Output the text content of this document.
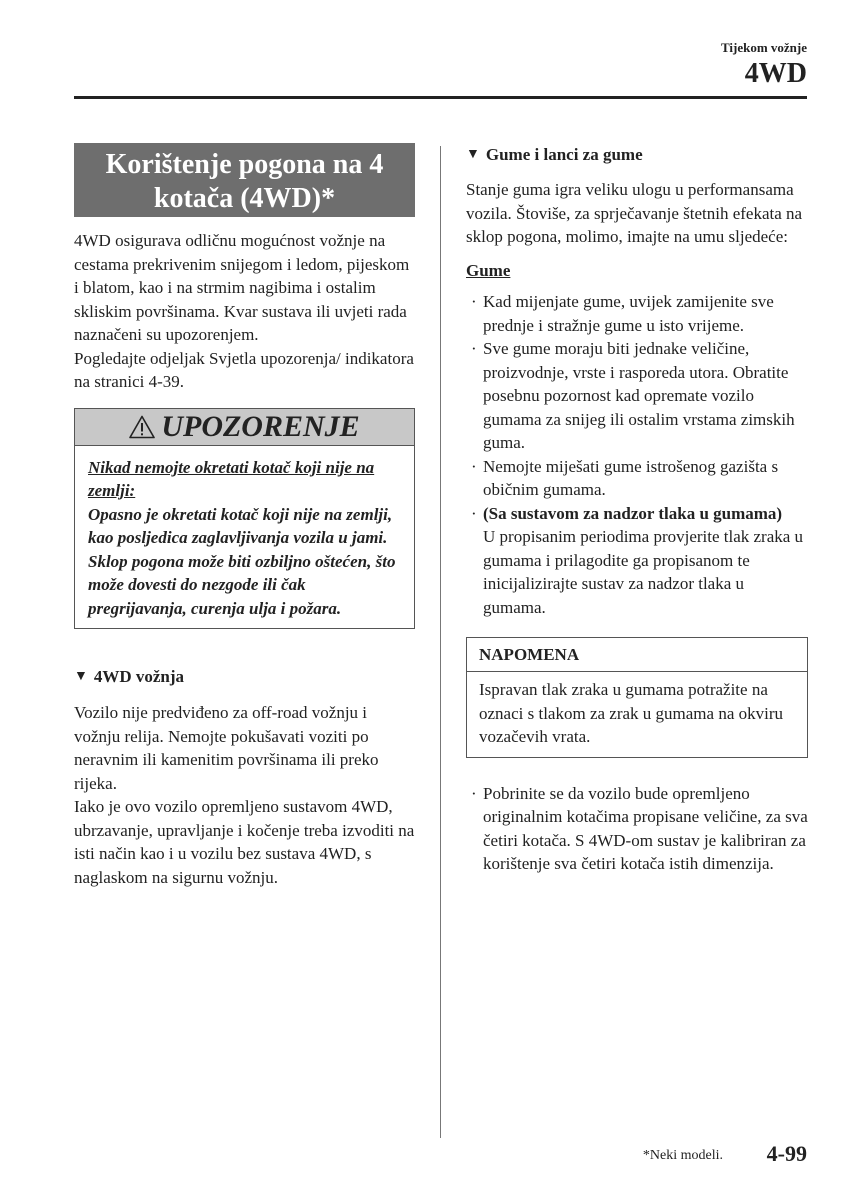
Tijekom vožnje
4WD
Korištenje pogona na 4 kotača (4WD)*

4WD osigurava odličnu mogućnost vožnje na cestama prekrivenim snijegom i ledom, pijeskom i blatom, kao i na strmim nagibima i ostalim skliskim površinama. Kvar sustava ili uvjeti rada naznačeni su upozorenjem.

Pogledajte odjeljak Svjetla upozorenja/ indikatora na stranici 4-39.

UPOZORENJE
Nikad nemojte okretati kotač koji nije na zemlji:
Opasno je okretati kotač koji nije na zemlji, kao posljedica zaglavljivanja vozila u jami. Sklop pogona može biti ozbiljno oštećen, što može dovesti do nezgode ili čak pregrijavanja, curenja ulja i požara.
▼ 4WD vožnja

Vozilo nije predviđeno za off-road vožnju i vožnju relija. Nemojte pokušavati voziti po neravnim ili kamenitim površinama ili preko rijeka.

Iako je ovo vozilo opremljeno sustavom 4WD, ubrzavanje, upravljanje i kočenje treba izvoditi na isti način kao i u vozilu bez sustava 4WD, s naglaskom na sigurnu vožnju.

▼ Gume i lanci za gume

Stanje guma igra veliku ulogu u performansama vozila. Štoviše, za sprječavanje štetnih efekata na sklop pogona, molimo, imajte na umu sljedeće:

Gume
· Kad mijenjate gume, uvijek zamijenite sve prednje i stražnje gume u isto vrijeme.
· Sve gume moraju biti jednake veličine, proizvodnje, vrste i rasporeda utora. Obratite posebnu pozornost kad opremate vozilo gumama za snijeg ili ostalim vrstama zimskih guma.
· Nemojte miješati gume istrošenog gazišta s običnim gumama.
· (Sa sustavom za nadzor tlaka u gumama)
U propisanim periodima provjerite tlak zraka u gumama i prilagodite ga propisanom te inicijalizirajte sustav za nadzor tlaka u gumama.
NAPOMENA
Ispravan tlak zraka u gumama potražite na oznaci s tlakom za zrak u gumama na okviru vozačevih vrata.
· Pobrinite se da vozilo bude opremljeno originalnim kotačima propisane veličine, za sva četiri kotača. S 4WD-om sustav je kalibriran za korištenje sva četiri kotača istih dimenzija.
*Neki modeli. 4-99
